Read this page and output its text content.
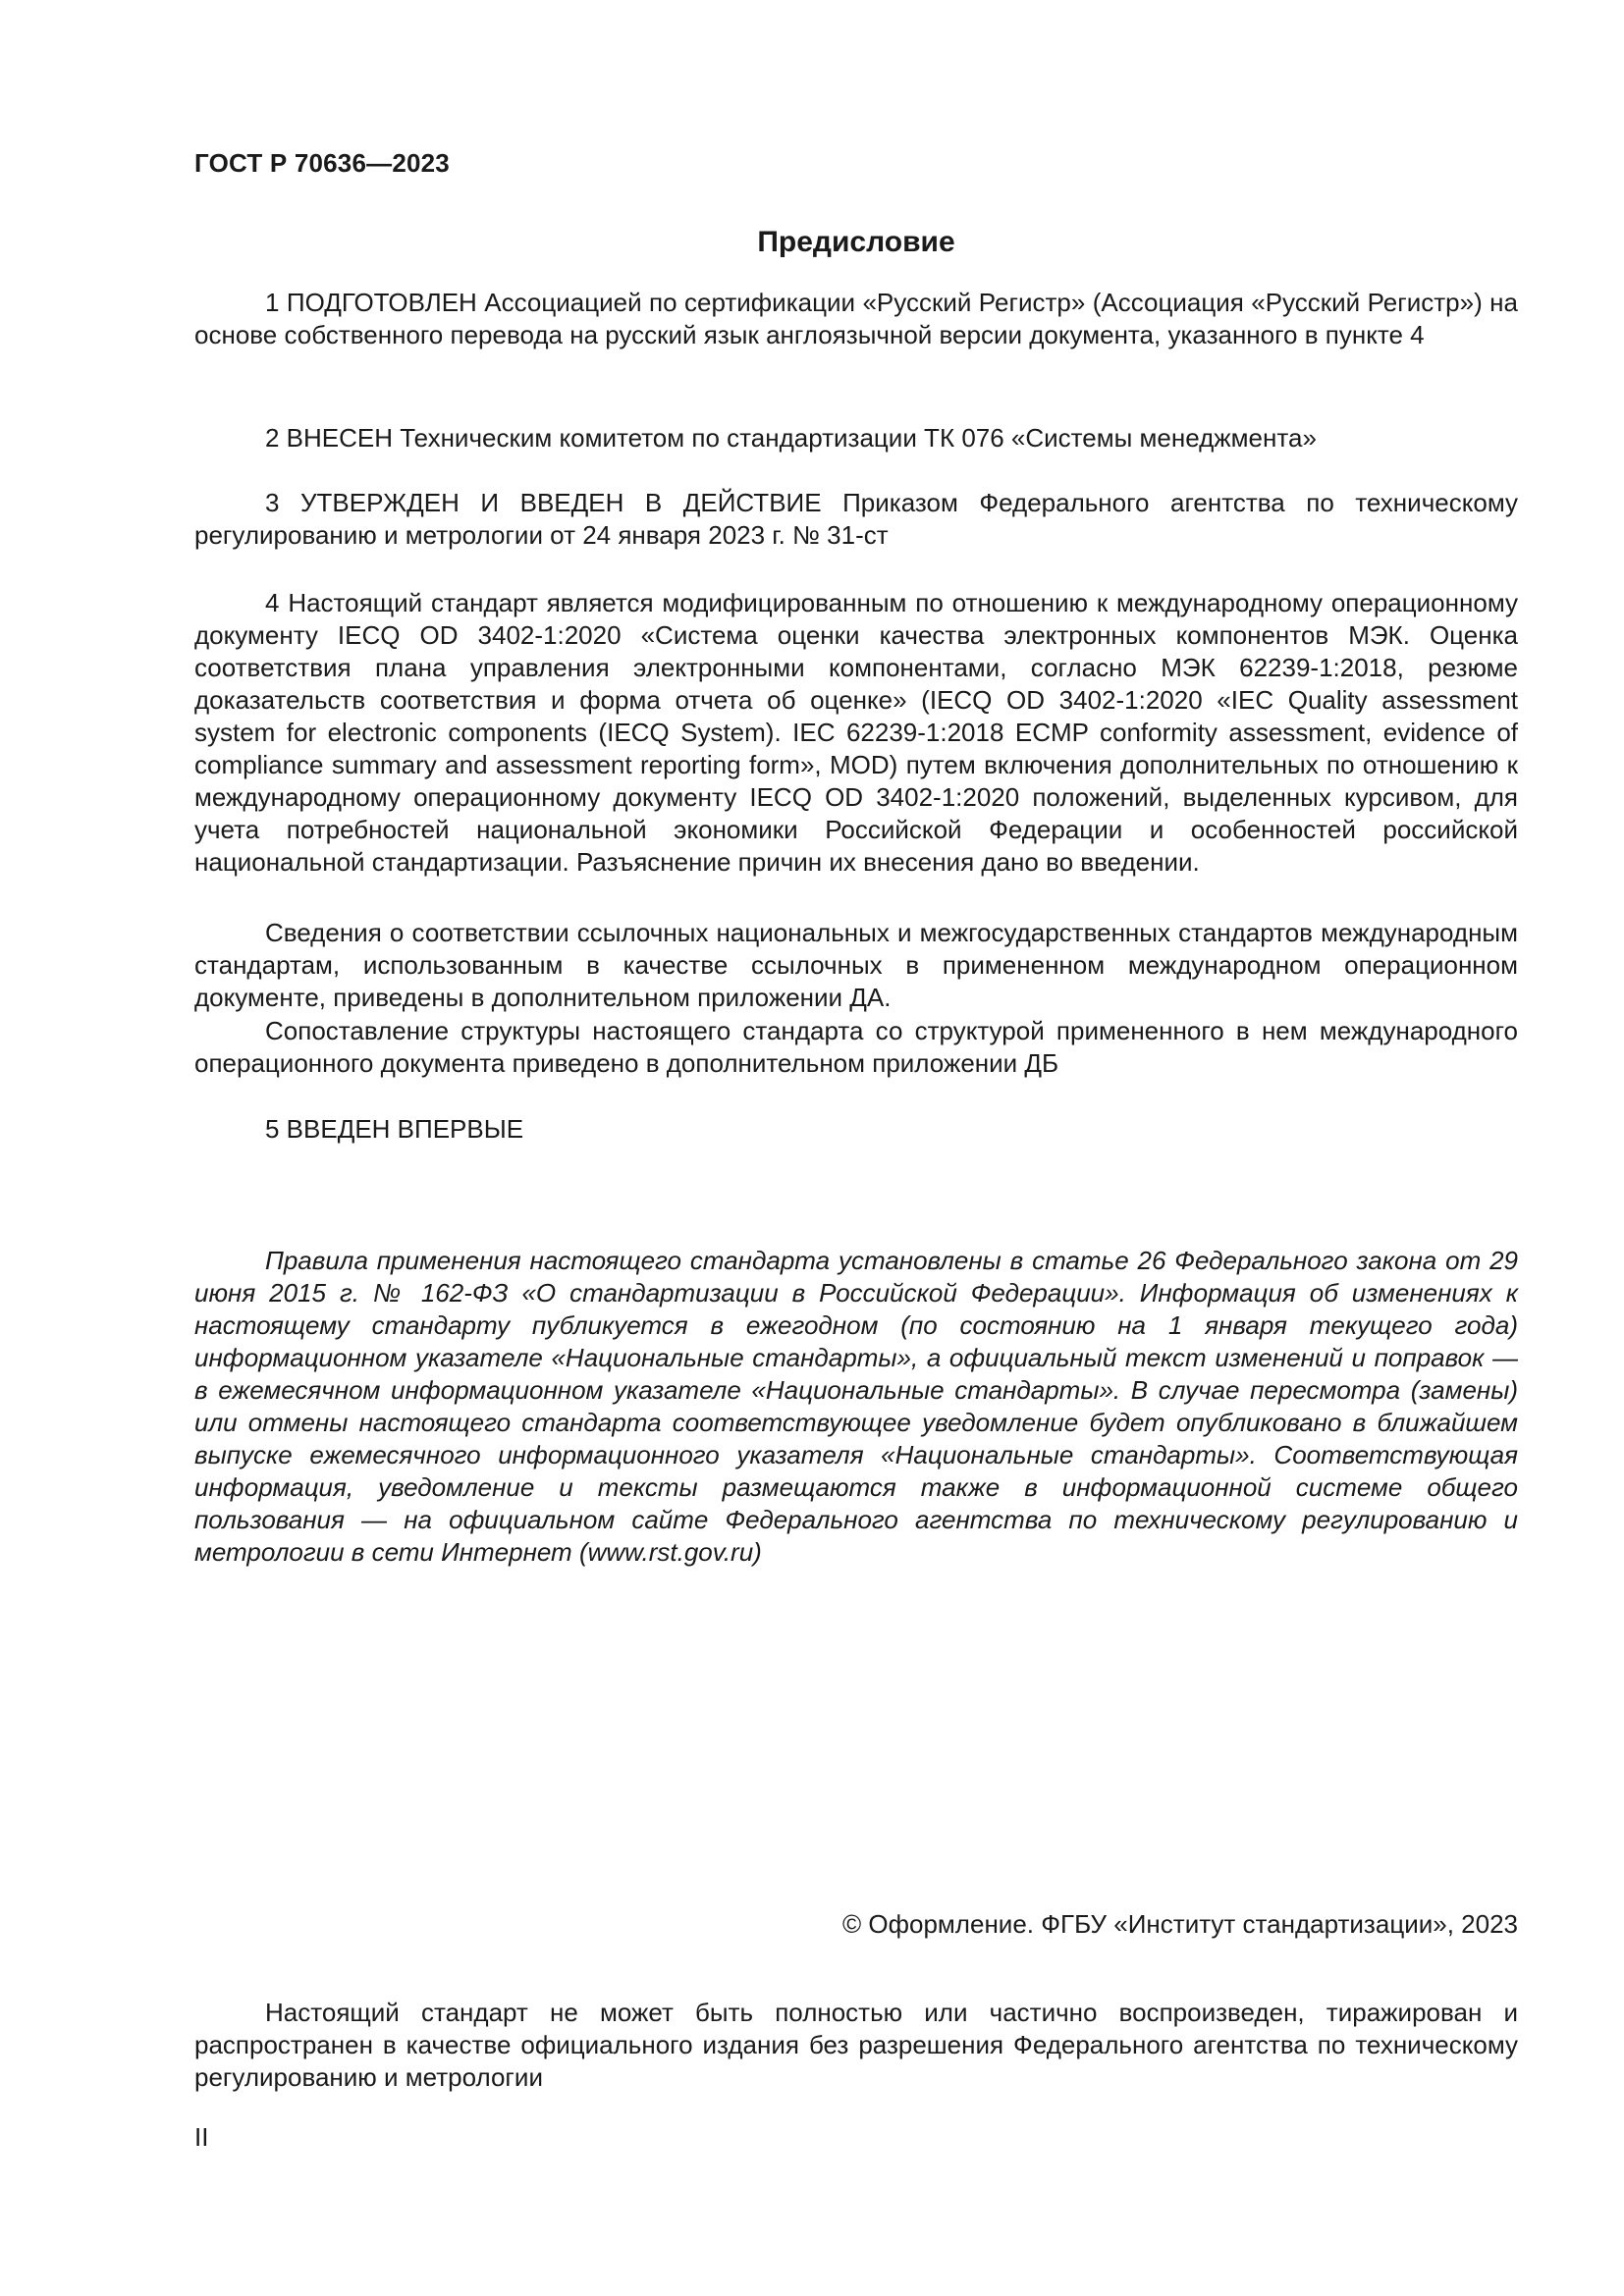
ГОСТ Р 70636—2023
Предисловие

1 ПОДГОТОВЛЕН Ассоциацией по сертификации «Русский Регистр» (Ассоциация «Русский Регистр») на основе собственного перевода на русский язык англоязычной версии документа, указанного в пункте 4

2 ВНЕСЕН Техническим комитетом по стандартизации ТК 076 «Системы менеджмента»

3 УТВЕРЖДЕН И ВВЕДЕН В ДЕЙСТВИЕ Приказом Федерального агентства по техническому регулированию и метрологии от 24 января 2023 г. № 31-ст

4 Настоящий стандарт является модифицированным по отношению к международному операционному документу IECQ OD 3402-1:2020 «Система оценки качества электронных компонентов МЭК. Оценка соответствия плана управления электронными компонентами, согласно МЭК 62239-1:2018, резюме доказательств соответствия и форма отчета об оценке» (IECQ OD 3402-1:2020 «IEC Quality assessment system for electronic components (IECQ System). IEC 62239-1:2018 ECMP conformity assessment, evidence of compliance summary and assessment reporting form», MOD) путем включения дополнительных по отношению к международному операционному документу IECQ OD 3402-1:2020 положений, выделенных курсивом, для учета потребностей национальной экономики Российской Федерации и особенностей российской национальной стандартизации. Разъяснение причин их внесения дано во введении.

Сведения о соответствии ссылочных национальных и межгосударственных стандартов международным стандартам, использованным в качестве ссылочных в примененном международном операционном документе, приведены в дополнительном приложении ДА.

Сопоставление структуры настоящего стандарта со структурой примененного в нем международного операционного документа приведено в дополнительном приложении ДБ

5 ВВЕДЕН ВПЕРВЫЕ

Правила применения настоящего стандарта установлены в статье 26 Федерального закона от 29 июня 2015 г. № 162-ФЗ «О стандартизации в Российской Федерации». Информация об изменениях к настоящему стандарту публикуется в ежегодном (по состоянию на 1 января текущего года) информационном указателе «Национальные стандарты», а официальный текст изменений и поправок — в ежемесячном информационном указателе «Национальные стандарты». В случае пересмотра (замены) или отмены настоящего стандарта соответствующее уведомление будет опубликовано в ближайшем выпуске ежемесячного информационного указателя «Национальные стандарты». Соответствующая информация, уведомление и тексты размещаются также в информационной системе общего пользования — на официальном сайте Федерального агентства по техническому регулированию и метрологии в сети Интернет (www.rst.gov.ru)

© Оформление. ФГБУ «Институт стандартизации», 2023

Настоящий стандарт не может быть полностью или частично воспроизведен, тиражирован и распространен в качестве официального издания без разрешения Федерального агентства по техническому регулированию и метрологии

II
